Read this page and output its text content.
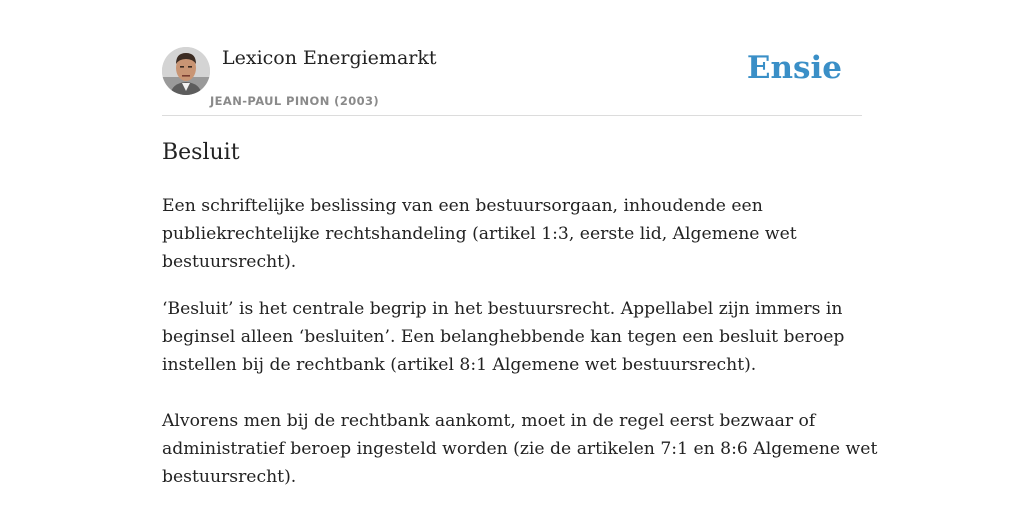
Lexicon Energiemarkt
JEAN-PAUL PINON (2003)
Ensie
Besluit

Een schriftelijke beslissing van een bestuursorgaan, inhoudende een
publiekrechtelijke rechtshandeling (artikel 1:3, eerste lid, Algemene wet
bestuursrecht).

‘Besluit’ is het centrale begrip in het bestuursrecht. Appellabel zijn immers in
beginsel alleen ‘besluiten’. Een belanghebbende kan tegen een besluit beroep
instellen bij de rechtbank (artikel 8:1 Algemene wet bestuursrecht).

Alvorens men bij de rechtbank aankomt, moet in de regel eerst bezwaar of
administratief beroep ingesteld worden (zie de artikelen 7:1 en 8:6 Algemene wet
bestuursrecht).
